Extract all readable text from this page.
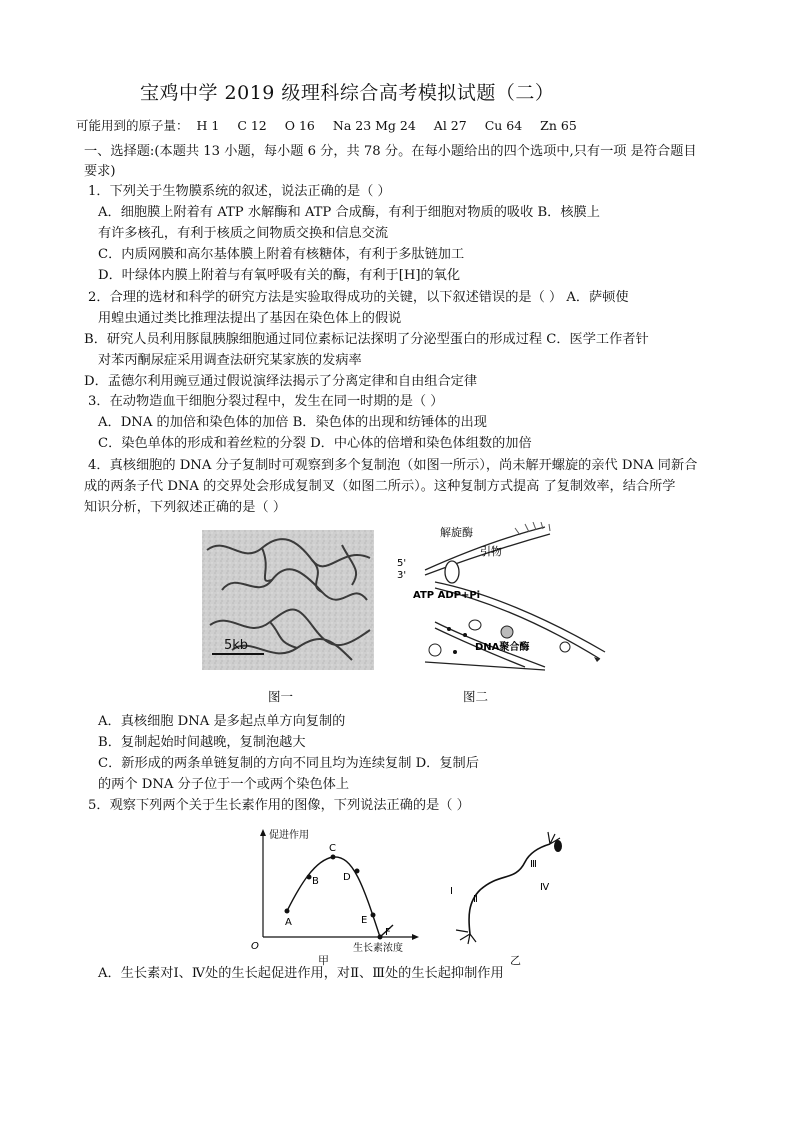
宝鸡中学 2019 级理科综合高考模拟试题（二）
可能用到的原子量： H 1 C 12 O 16 Na 23 Mg 24 Al 27 Cu 64 Zn 65
一、选择题:(本题共 13 小题，每小题 6 分，共 78 分。在每小题给出的四个选项中,只有一项 是符合题目
要求)
1．下列关于生物膜系统的叙述，说法正确的是（ ）
A．细胞膜上附着有 ATP 水解酶和 ATP 合成酶，有利于细胞对物质的吸收 B．核膜上
有许多核孔，有利于核质之间物质交换和信息交流
C．内质网膜和高尔基体膜上附着有核糖体，有利于多肽链加工
D．叶绿体内膜上附着与有氧呼吸有关的酶，有利于[H]的氧化
2．合理的选材和科学的研究方法是实验取得成功的关键，以下叙述错误的是（ ） A．萨顿使
用蝗虫通过类比推理法提出了基因在染色体上的假说
B．研究人员利用豚鼠胰腺细胞通过同位素标记法探明了分泌型蛋白的形成过程 C．医学工作者针
对苯丙酮尿症采用调查法研究某家族的发病率
D．孟德尔利用豌豆通过假说演绎法揭示了分离定律和自由组合定律
3．在动物造血干细胞分裂过程中，发生在同一时期的是（ ）
A．DNA 的加倍和染色体的加倍 B．染色体的出现和纺锤体的出现
C．染色单体的形成和着丝粒的分裂 D．中心体的倍增和染色体组数的加倍
4．真核细胞的 DNA 分子复制时可观察到多个复制泡（如图一所示），尚未解开螺旋的亲代 DNA 同新合
成的两条子代 DNA 的交界处会形成复制叉（如图二所示）。这种复制方式提高 了复制效率，结合所学
知识分析，下列叙述正确的是（ ）
5kb
图一
解旋酶
引物
5'
3'
ATP ADP+Pi
DNA聚合酶
图二
A．真核细胞 DNA 是多起点单方向复制的
B．复制起始时间越晚，复制泡越大
C．新形成的两条单链复制的方向不同且均为连续复制 D．复制后
的两个 DNA 分子位于一个或两个染色体上
5．观察下列两个关于生长素作用的图像，下列说法正确的是（ ）
促进作用
生长素浓度
O
A
B
C
D
E
F
甲
Ⅰ
Ⅱ
Ⅲ
Ⅳ
乙
A．生长素对Ⅰ、Ⅳ处的生长起促进作用，对Ⅱ、Ⅲ处的生长起抑制作用
